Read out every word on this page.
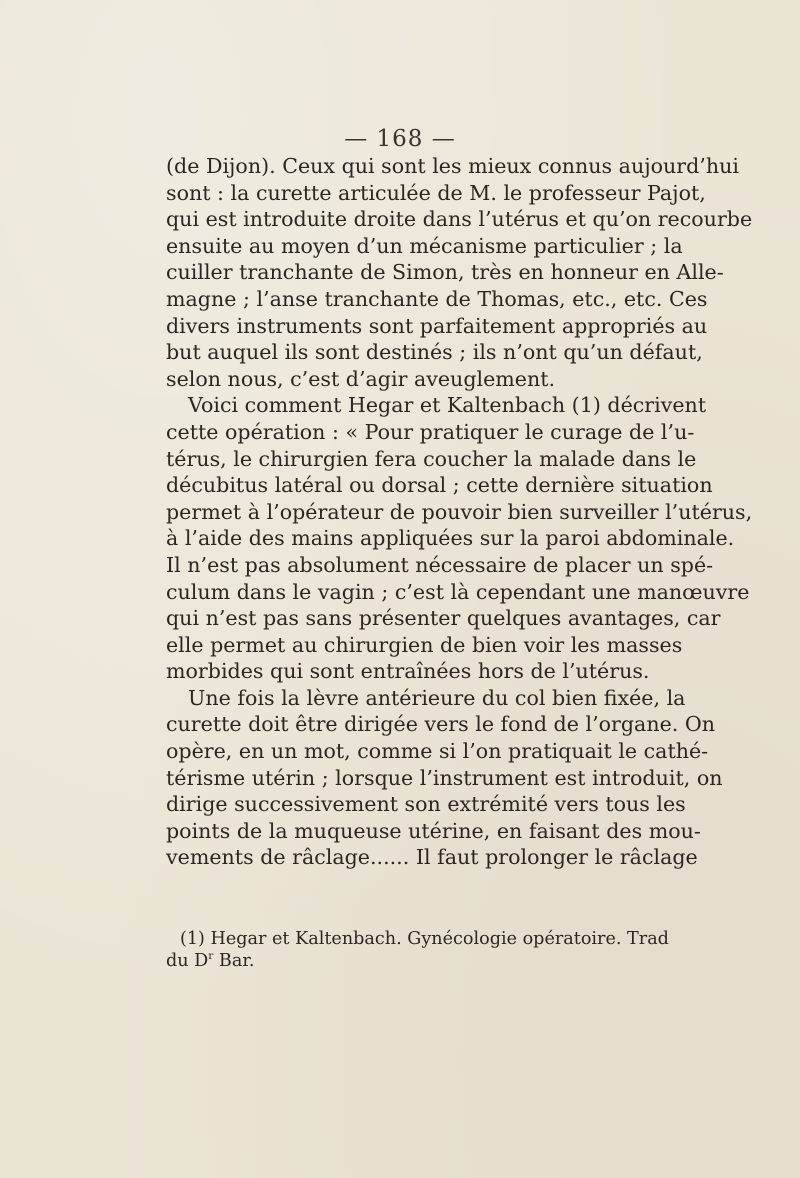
— 168 —
(de Dijon). Ceux qui sont les mieux connus aujourd’hui
sont : la curette articulée de M. le professeur Pajot,
qui est introduite droite dans l’utérus et qu’on recourbe
ensuite au moyen d’un mécanisme particulier ; la
cuiller tranchante de Simon, très en honneur en Alle-
magne ; l’anse tranchante de Thomas, etc., etc. Ces
divers instruments sont parfaitement appropriés au
but auquel ils sont destinés ; ils n’ont qu’un défaut,
selon nous, c’est d’agir aveuglement.
Voici comment Hegar et Kaltenbach (1) décrivent
cette opération : « Pour pratiquer le curage de l’u-
térus, le chirurgien fera coucher la malade dans le
décubitus latéral ou dorsal ; cette dernière situation
permet à l’opérateur de pouvoir bien surveiller l’utérus,
à l’aide des mains appliquées sur la paroi abdominale.
Il n’est pas absolument nécessaire de placer un spé-
culum dans le vagin ; c’est là cependant une manœuvre
qui n’est pas sans présenter quelques avantages, car
elle permet au chirurgien de bien voir les masses
morbides qui sont entraînées hors de l’utérus.
Une fois la lèvre antérieure du col bien fixée, la
curette doit être dirigée vers le fond de l’organe. On
opère, en un mot, comme si l’on pratiquait le cathé-
térisme utérin ; lorsque l’instrument est introduit, on
dirige successivement son extrémité vers tous les
points de la muqueuse utérine, en faisant des mou-
vements de râclage...... Il faut prolonger le râclage
(1) Hegar et Kaltenbach. Gynécologie opératoire. Trad
du $D^r$ Bar.
